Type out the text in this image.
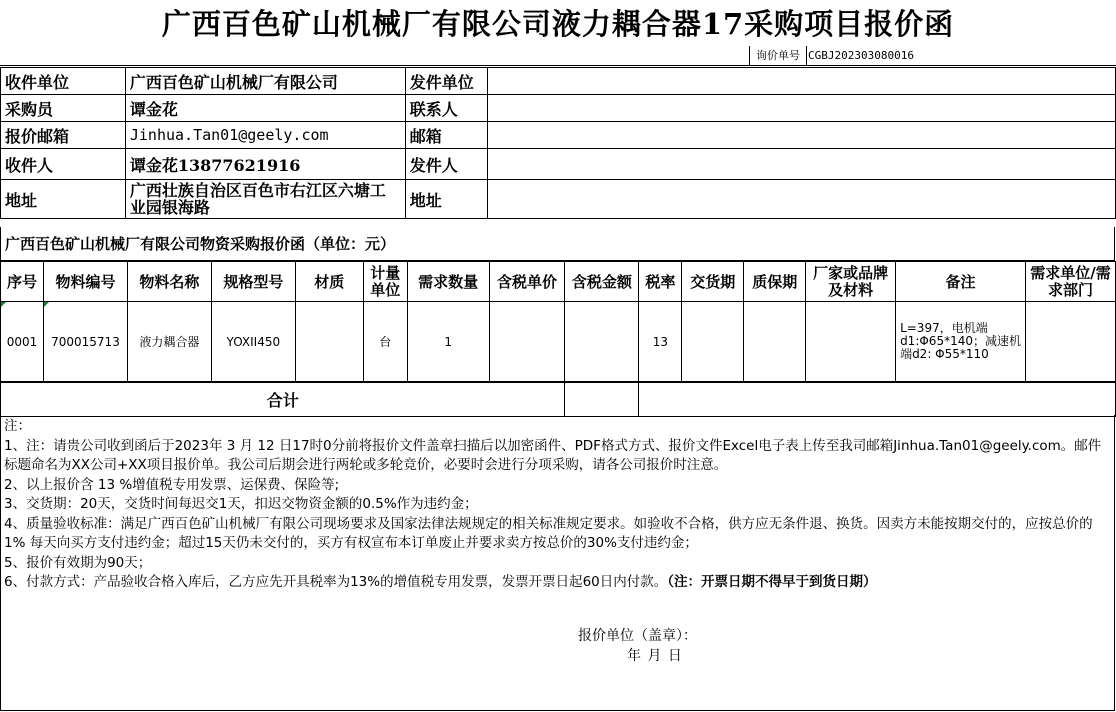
广西百色矿山机械厂有限公司液力耦合器17采购项目报价函
询价单号 CGBJ202303080016
收件单位	广西百色矿山机械厂有限公司	发件单位	
采购员	谭金花	联系人	
报价邮箱	Jinhua.Tan01@geely.com	邮箱	
收件人	谭金花13877621916	发件人	
地址	广西壮族自治区百色市右江区六塘工业园银海路	地址	
广西百色矿山机械厂有限公司物资采购报价函（单位：元）
序号	物料编号	物料名称	规格型号	材质	计量单位	需求数量	含税单价	含税金额	税率	交货期	质保期	厂家或品牌及材料	备注	需求单位/需求部门
0001	700015713	液力耦合器	YOXII450		台	1			13				L=397，电机端d1:Φ65*140；减速机端d2: Φ55*110	
合计		

注：

1、注：请贵公司收到函后于2023年 3 月 12 日17时0分前将报价文件盖章扫描后以加密函件、PDF格式方式、报价文件Excel电子表上传至我司邮箱Jinhua.Tan01@geely.com。邮件标题命名为XX公司+XX项目报价单。我公司后期会进行两轮或多轮竞价，必要时会进行分项采购，请各公司报价时注意。

2、以上报价含 13 %增值税专用发票、运保费、保险等;

3、交货期：20天，交货时间每迟交1天，扣迟交物资金额的0.5%作为违约金；

4、质量验收标准：满足广西百色矿山机械厂有限公司现场要求及国家法律法规规定的相关标准规定要求。如验收不合格，供方应无条件退、换货。因卖方未能按期交付的，应按总价的1% 每天向买方支付违约金；超过15天仍未交付的，买方有权宣布本订单废止并要求卖方按总价的30%支付违约金；

5、报价有效期为90天；

6、付款方式：产品验收合格入库后，乙方应先开具税率为13%的增值税专用发票，发票开票日起60日内付款。（注：开票日期不得早于到货日期）

报价单位（盖章）：
年 月 日
